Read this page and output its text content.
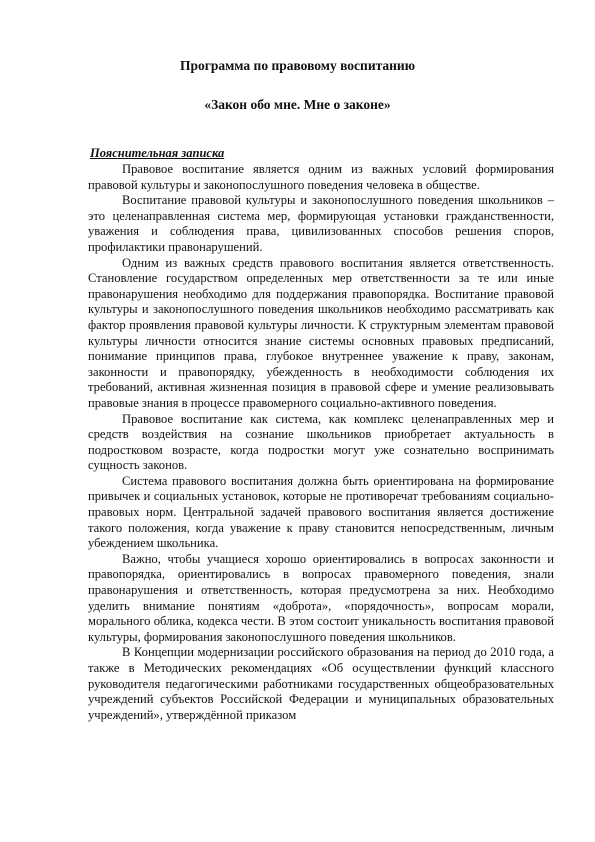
Программа по правовому воспитанию

«Закон обо мне. Мне о законе»

Пояснительная записка

Правовое воспитание является одним из важных условий формирования правовой культуры и законопослушного поведения человека в обществе.

Воспитание правовой культуры и законопослушного поведения школьников – это целенаправленная система мер, формирующая установки гражданственности, уважения и соблюдения права, цивилизованных способов решения споров, профилактики правонарушений.

Одним из важных средств правового воспитания является ответственность. Становление государством определенных мер ответственности за те или иные правонарушения необходимо для поддержания правопорядка. Воспитание правовой культуры и законопослушного поведения школьников необходимо рассматривать как фактор проявления правовой культуры личности. К структурным элементам правовой культуры личности относится знание системы основных правовых предписаний, понимание принципов права, глубокое внутреннее уважение к праву, законам, законности и правопорядку, убежденность в необходимости соблюдения их требований, активная жизненная позиция в правовой сфере и умение реализовывать правовые знания в процессе правомерного социально-активного поведения.

Правовое воспитание как система, как комплекс целенаправленных мер и средств воздействия на сознание школьников приобретает актуальность в подростковом возрасте, когда подростки могут уже сознательно воспринимать сущность законов.

Система правового воспитания должна быть ориентирована на формирование привычек и социальных установок, которые не противоречат требованиям социально-правовых норм. Центральной задачей правового воспитания является достижение такого положения, когда уважение к праву становится непосредственным, личным убеждением школьника.

Важно, чтобы учащиеся хорошо ориентировались в вопросах законности и правопорядка, ориентировались в вопросах правомерного поведения, знали правонарушения и ответственность, которая предусмотрена за них. Необходимо уделить внимание понятиям «доброта», «порядочность», вопросам морали, морального облика, кодекса чести. В этом состоит уникальность воспитания правовой культуры, формирования законопослушного поведения школьников.

В Концепции модернизации российского образования на период до 2010 года, а также в Методических рекомендациях «Об осуществлении функций классного руководителя педагогическими работниками государственных общеобразовательных учреждений субъектов Российской Федерации и муниципальных образовательных учреждений», утверждённой приказом
